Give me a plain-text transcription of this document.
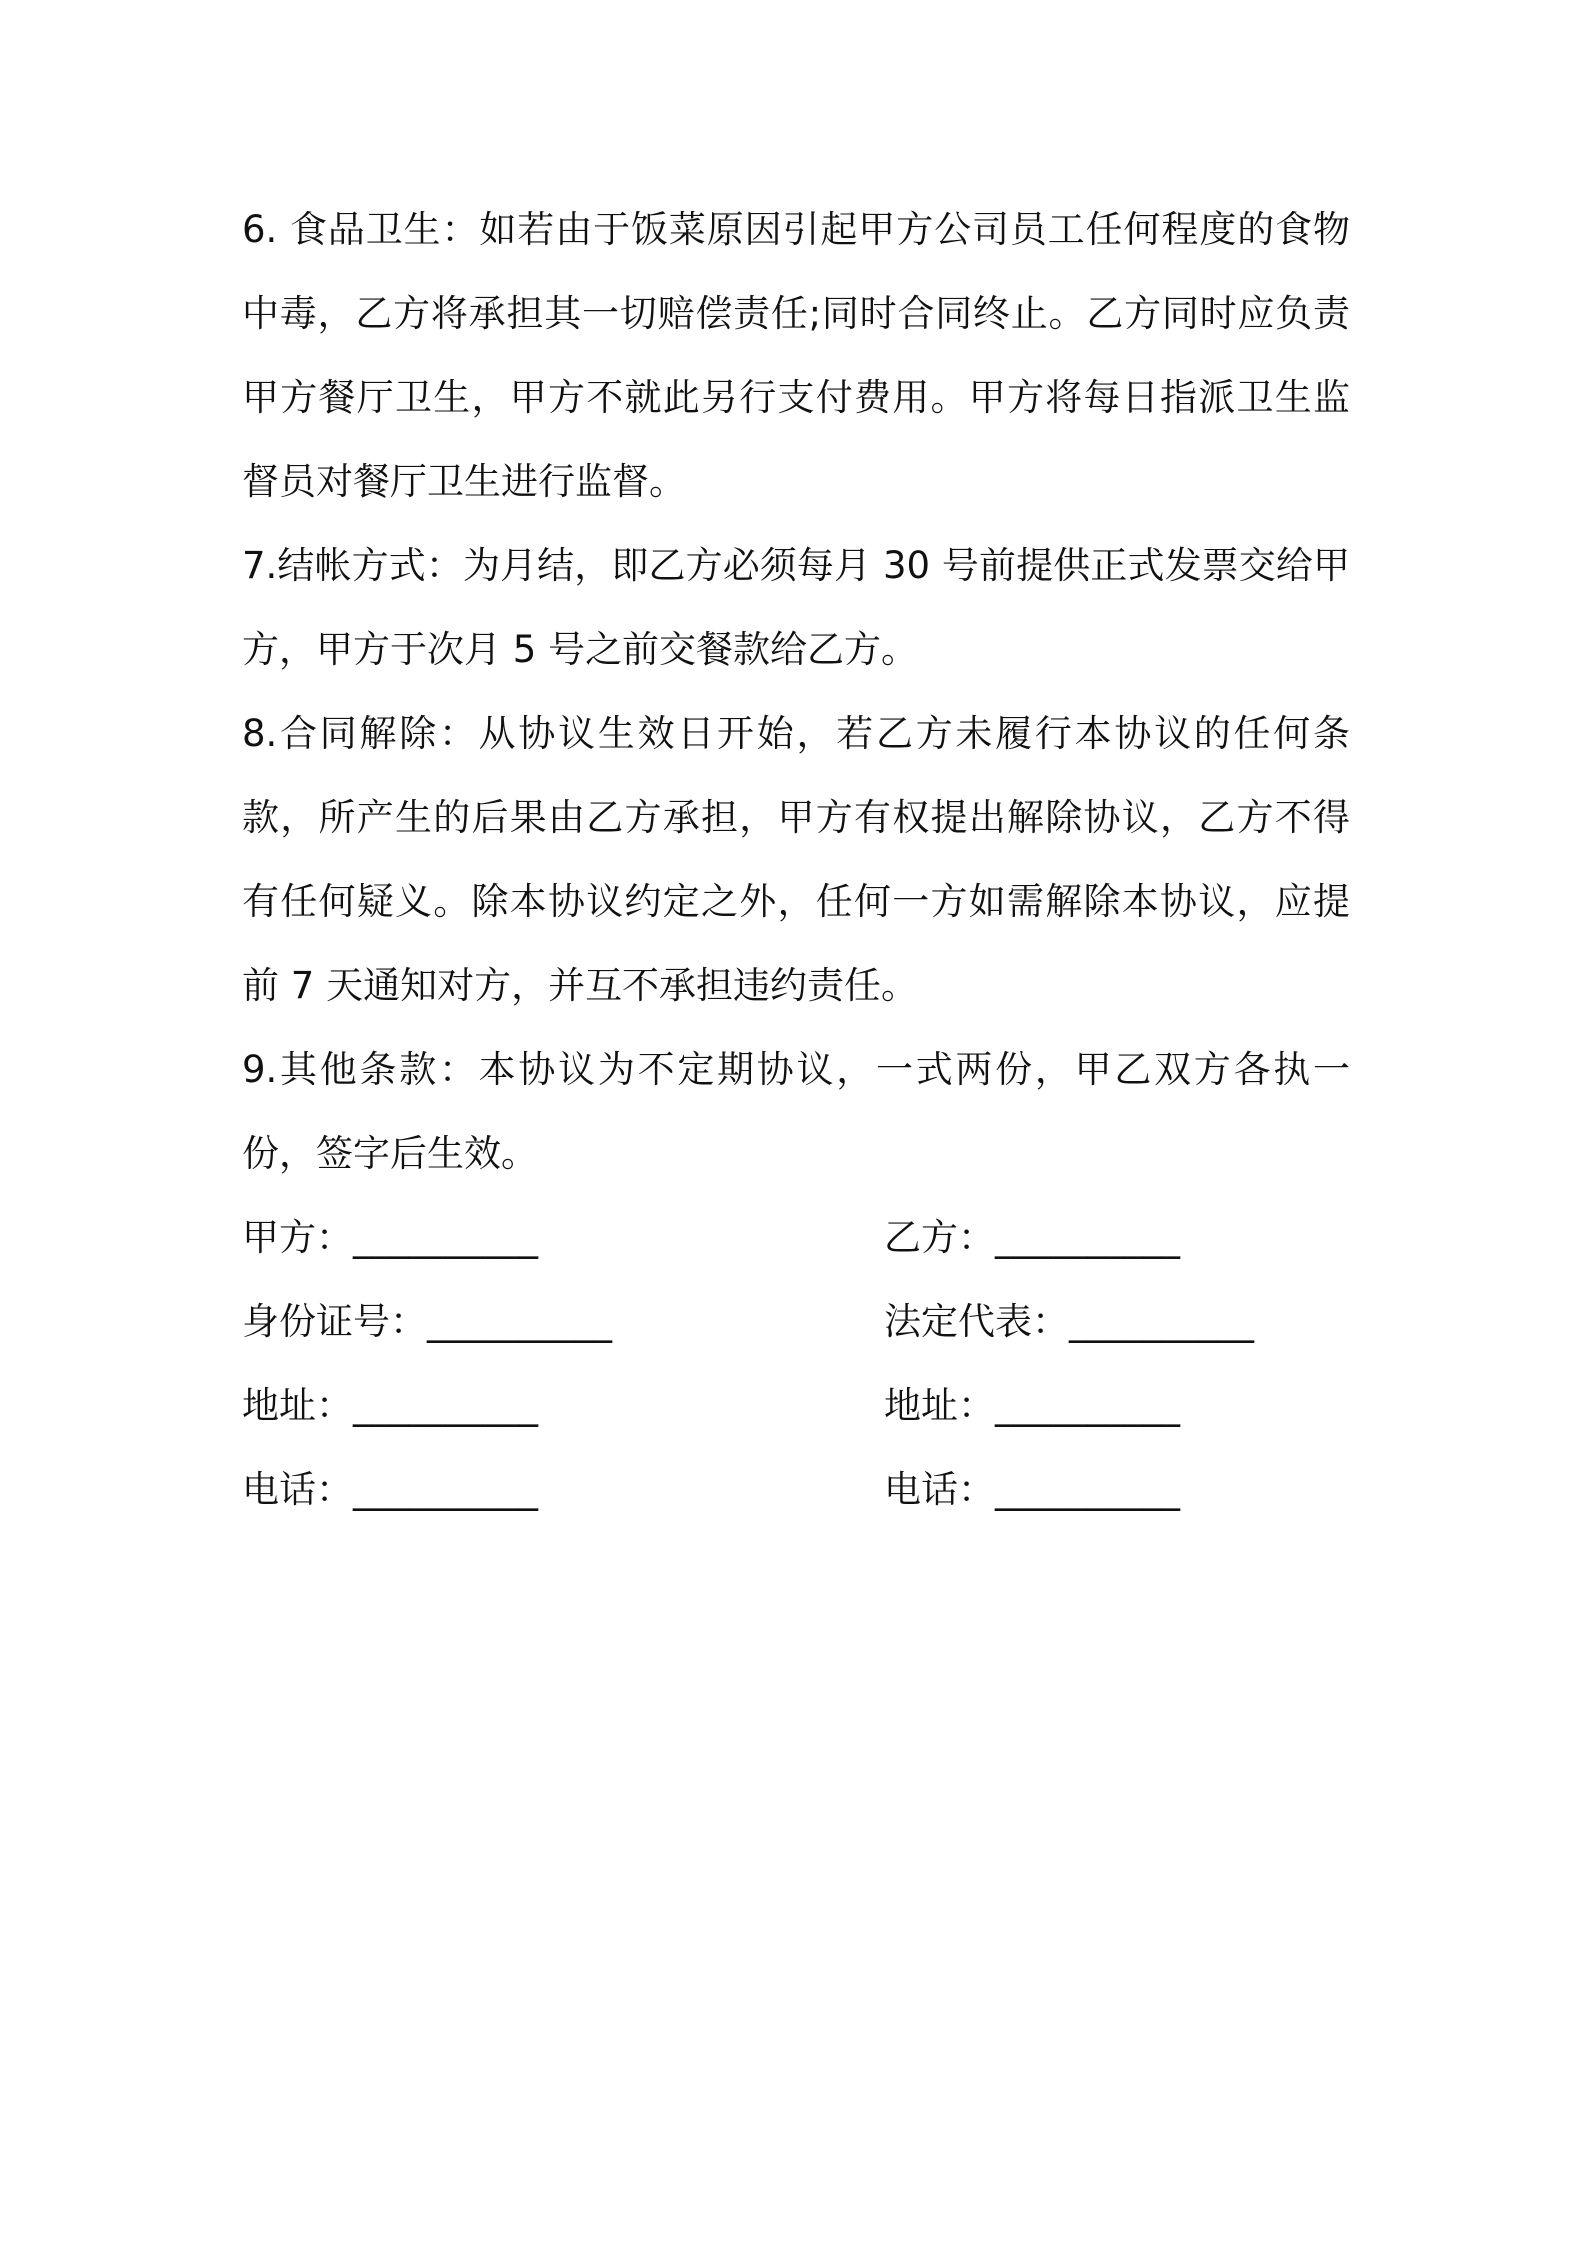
6. 食品卫生：如若由于饭菜原因引起甲方公司员工任何程度的食物中毒，乙方将承担其一切赔偿责任;同时合同终止。乙方同时应负责甲方餐厅卫生，甲方不就此另行支付费用。甲方将每日指派卫生监督员对餐厅卫生进行监督。

7.结帐方式：为月结，即乙方必须每月 30 号前提供正式发票交给甲方，甲方于次月 5 号之前交餐款给乙方。

8.合同解除：从协议生效日开始，若乙方未履行本协议的任何条款，所产生的后果由乙方承担，甲方有权提出解除协议，乙方不得有任何疑义。除本协议约定之外，任何一方如需解除本协议，应提前 7 天通知对方，并互不承担违约责任。

9.其他条款：本协议为不定期协议，一式两份，甲乙双方各执一份，签字后生效。

甲方：__________	乙方：__________
身份证号：__________	法定代表：__________
地址：__________	地址：__________
电话：__________	电话：__________
